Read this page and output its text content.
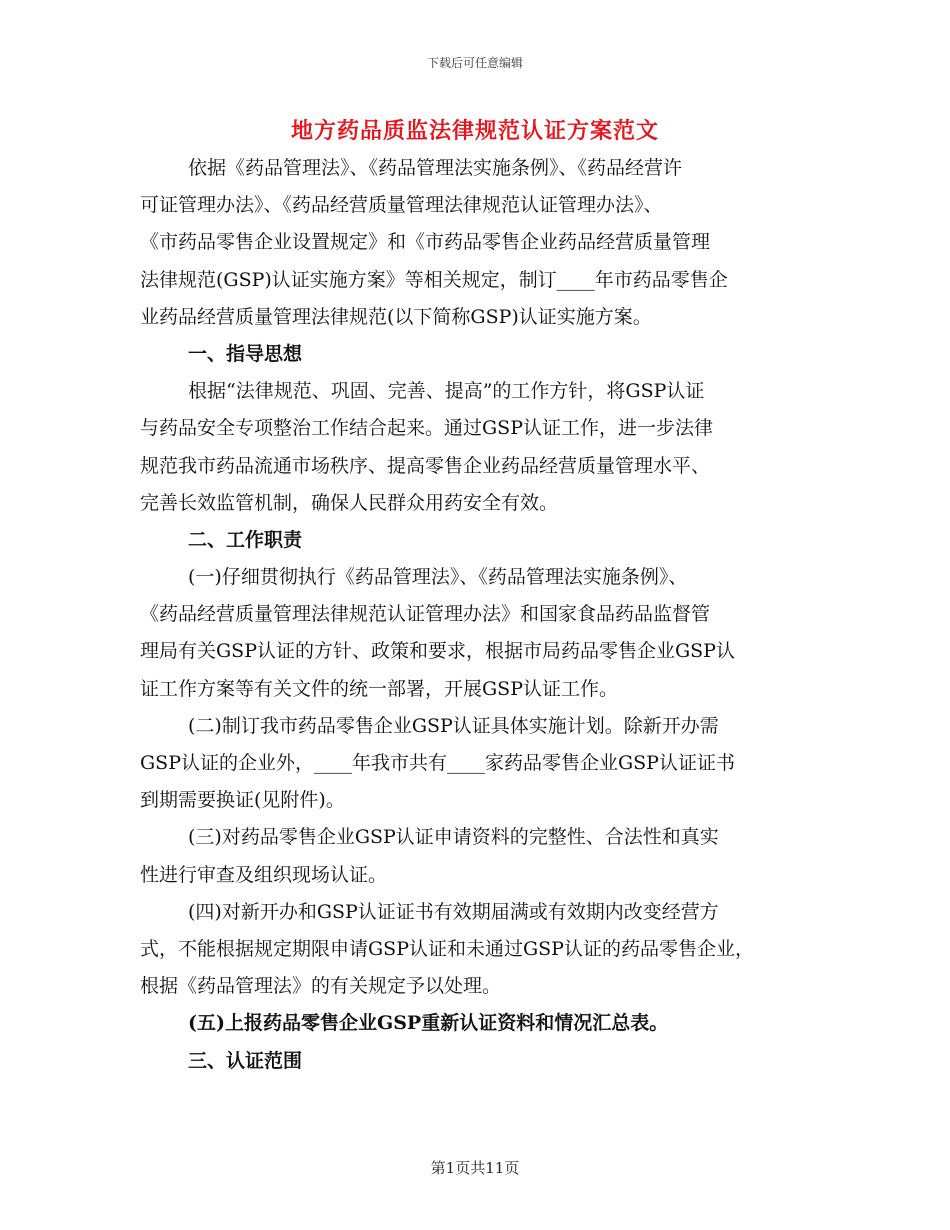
下载后可任意编辑
地方药品质监法律规范认证方案范文
依据《药品管理法》、《药品管理法实施条例》、《药品经营许
可证管理办法》、《药品经营质量管理法律规范认证管理办法》、
《市药品零售企业设置规定》和《市药品零售企业药品经营质量管理
法律规范(GSP)认证实施方案》等相关规定，制订____年市药品零售企
业药品经营质量管理法律规范(以下简称GSP)认证实施方案。
一、指导思想
根据“法律规范、巩固、完善、提高”的工作方针，将GSP认证
与药品安全专项整治工作结合起来。通过GSP认证工作，进一步法律
规范我市药品流通市场秩序、提高零售企业药品经营质量管理水平、
完善长效监管机制，确保人民群众用药安全有效。
二、工作职责
(一)仔细贯彻执行《药品管理法》、《药品管理法实施条例》、
《药品经营质量管理法律规范认证管理办法》和国家食品药品监督管
理局有关GSP认证的方针、政策和要求，根据市局药品零售企业GSP认
证工作方案等有关文件的统一部署，开展GSP认证工作。
(二)制订我市药品零售企业GSP认证具体实施计划。除新开办需
GSP认证的企业外，____年我市共有____家药品零售企业GSP认证证书
到期需要换证(见附件)。
(三)对药品零售企业GSP认证申请资料的完整性、合法性和真实
性进行审查及组织现场认证。
(四)对新开办和GSP认证证书有效期届满或有效期内改变经营方
式，不能根据规定期限申请GSP认证和未通过GSP认证的药品零售企业，
根据《药品管理法》的有关规定予以处理。
(五)上报药品零售企业GSP重新认证资料和情况汇总表。
三、认证范围
第1页共11页
